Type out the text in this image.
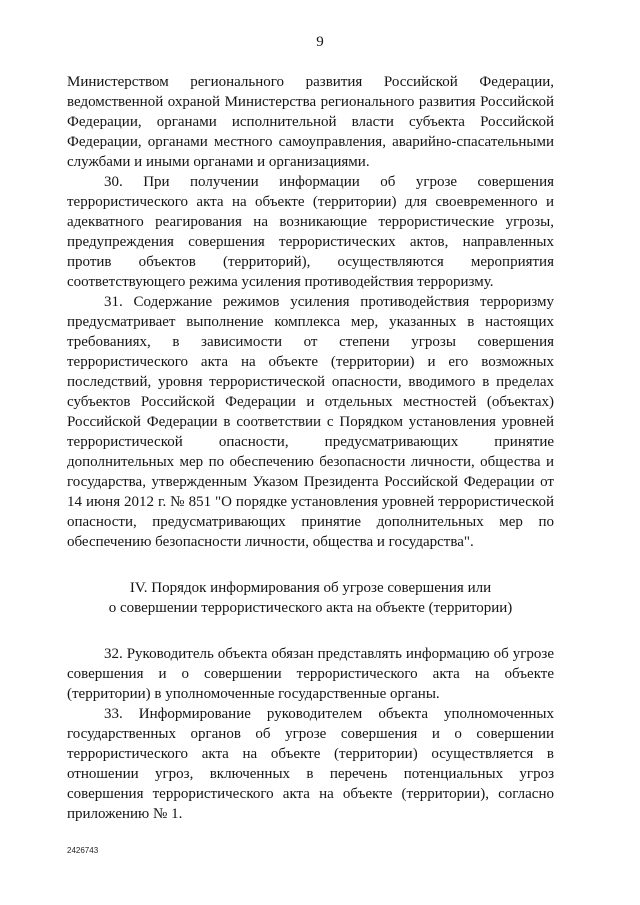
9

Министерством регионального развития Российской Федерации, ведомственной охраной Министерства регионального развития Российской Федерации, органами исполнительной власти субъекта Российской Федерации, органами местного самоуправления, аварийно-спасательными службами и иными органами и организациями.

30. При получении информации об угрозе совершения террористического акта на объекте (территории) для своевременного и адекватного реагирования на возникающие террористические угрозы, предупреждения совершения террористических актов, направленных против объектов (территорий), осуществляются мероприятия соответствующего режима усиления противодействия терроризму.

31. Содержание режимов усиления противодействия терроризму предусматривает выполнение комплекса мер, указанных в настоящих требованиях, в зависимости от степени угрозы совершения террористического акта на объекте (территории) и его возможных последствий, уровня террористической опасности, вводимого в пределах субъектов Российской Федерации и отдельных местностей (объектах) Российской Федерации в соответствии с Порядком установления уровней террористической опасности, предусматривающих принятие дополнительных мер по обеспечению безопасности личности, общества и государства, утвержденным Указом Президента Российской Федерации от 14 июня 2012 г. № 851 "О порядке установления уровней террористической опасности, предусматривающих принятие дополнительных мер по обеспечению безопасности личности, общества и государства".

IV. Порядок информирования об угрозе совершения или
о совершении террористического акта на объекте (территории)

32. Руководитель объекта обязан представлять информацию об угрозе совершения и о совершении террористического акта на объекте (территории) в уполномоченные государственные органы.

33. Информирование руководителем объекта уполномоченных государственных органов об угрозе совершения и о совершении террористического акта на объекте (территории) осуществляется в отношении угроз, включенных в перечень потенциальных угроз совершения террористического акта на объекте (территории), согласно приложению № 1.

2426743
